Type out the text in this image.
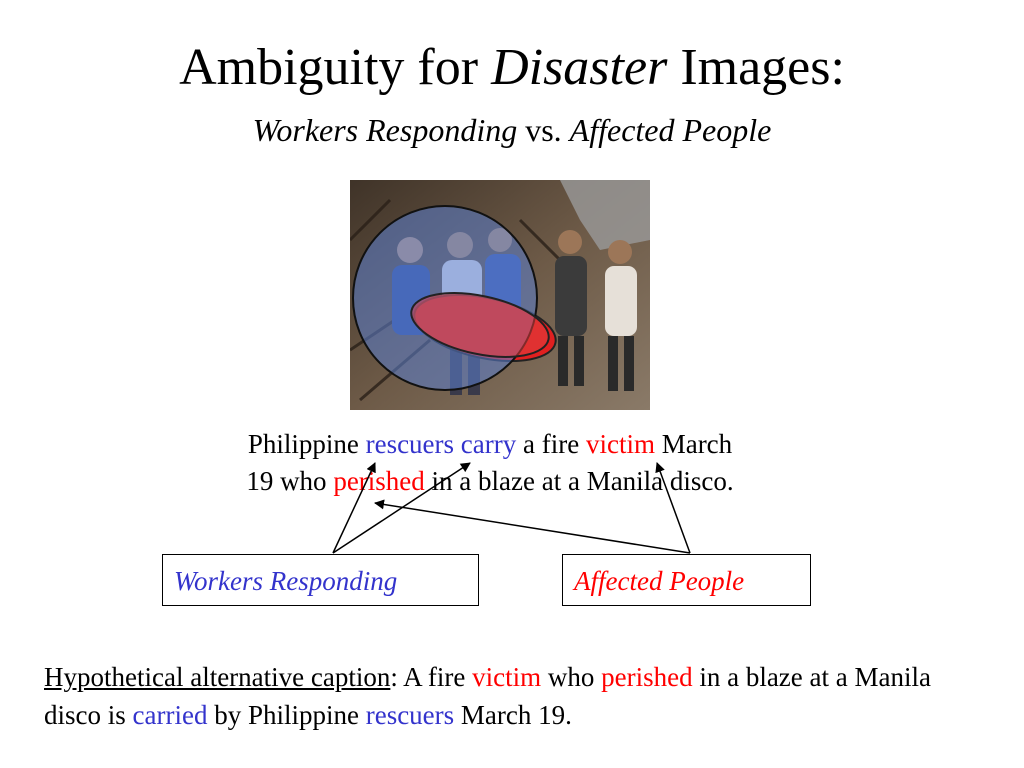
Ambiguity for Disaster Images:
Workers Responding vs. Affected People
Philippine rescuers carry a fire victim March
19 who perished in a blaze at a Manila disco.
Workers Responding	Affected People
Hypothetical alternative caption: A fire victim who perished in a blaze at a Manila disco is carried by Philippine rescuers March 19.
